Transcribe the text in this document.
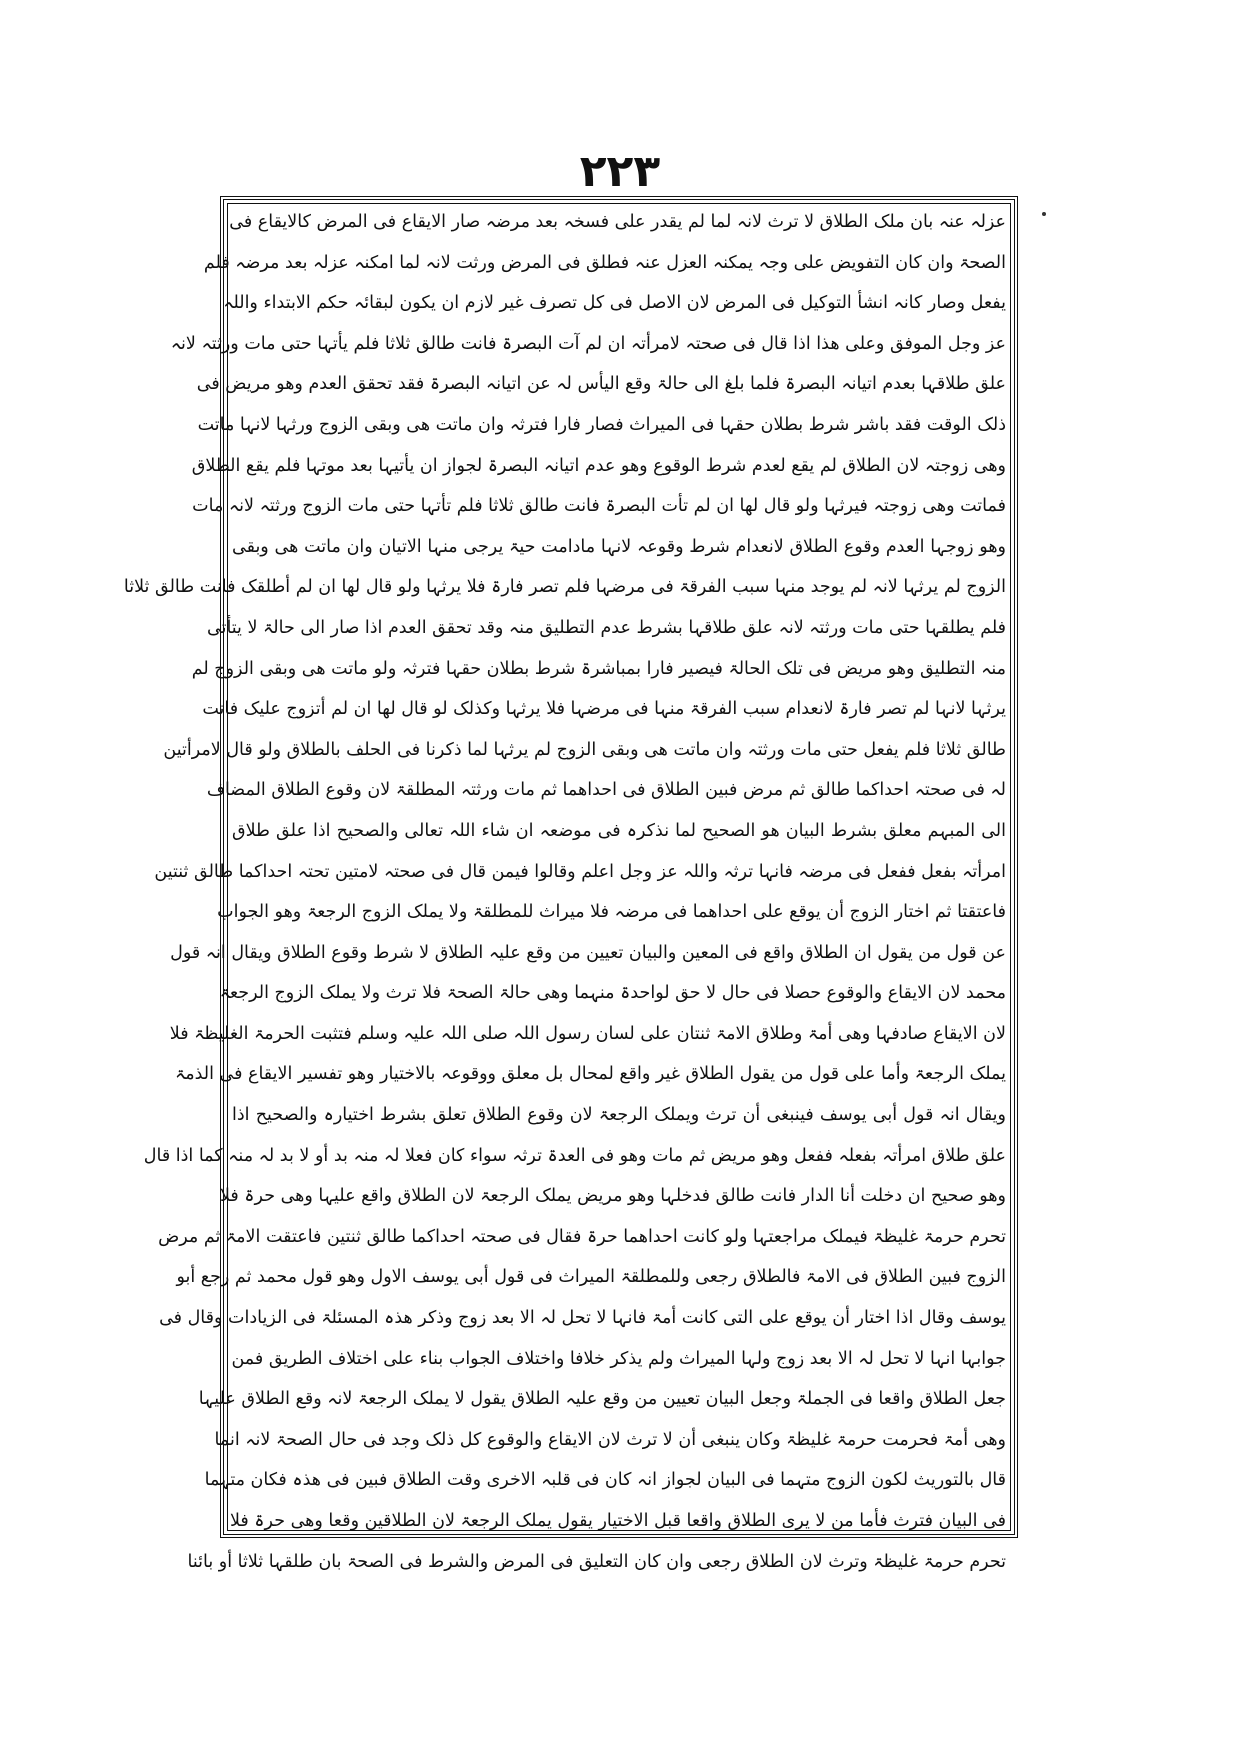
۲۲۳
عزلہ عنہ بان ملک الطلاق لا ترث لانہ لما لم یقدر علی فسخہ بعد مرضہ صار الایقاع فی المرض کالایقاع فی
الصحۃ وان کان التفویض علی وجہ یمکنہ العزل عنہ فطلق فی المرض ورثت لانہ لما امکنہ عزلہ بعد مرضہ فلم
یفعل وصار کانہ انشأ التوکیل فی المرض لان الاصل فی کل تصرف غیر لازم ان یکون لبقائہ حکم الابتداء واللہ
عز وجل الموفق وعلی ھذا اذا قال فی صحتہ لامرأتہ ان لم آت البصرۃ فانت طالق ثلاثا فلم یأتہا حتی مات ورثتہ لانہ
علق طلاقہا بعدم اتیانہ البصرۃ فلما بلغ الی حالۃ وقع الیأس لہ عن اتیانہ البصرۃ فقد تحقق العدم وھو مریض فی
ذلک الوقت فقد باشر شرط بطلان حقہا فی المیراث فصار فارا فترثہ وان ماتت ھی وبقی الزوج ورثہا لانہا ماتت
وھی زوجتہ لان الطلاق لم یقع لعدم شرط الوقوع وھو عدم اتیانہ البصرۃ لجواز ان یأتیہا بعد موتہا فلم یقع الطلاق
فماتت وھی زوجتہ فیرثہا ولو قال لھا ان لم تأت البصرۃ فانت طالق ثلاثا فلم تأتہا حتی مات الزوج ورثتہ لانہ مات
وھو زوجہا العدم وقوع الطلاق لانعدام شرط وقوعہ لانہا مادامت حیۃ یرجی منہا الاتیان وان ماتت ھی وبقی
الزوج لم یرثہا لانہ لم یوجد منہا سبب الفرقۃ فی مرضہا فلم تصر فارۃ فلا یرثہا ولو قال لھا ان لم أطلقک فانت طالق ثلاثا
فلم یطلقہا حتی مات ورثتہ لانہ علق طلاقہا بشرط عدم التطلیق منہ وقد تحقق العدم اذا صار الی حالۃ لا یتأتی
منہ التطلیق وھو مریض فی تلک الحالۃ فیصیر فارا بمباشرۃ شرط بطلان حقہا فترثہ ولو ماتت ھی وبقی الزوج لم
یرثہا لانہا لم تصر فارۃ لانعدام سبب الفرقۃ منہا فی مرضہا فلا یرثہا وکذلک لو قال لھا ان لم أتزوج علیک فانت
طالق ثلاثا فلم یفعل حتی مات ورثتہ وان ماتت ھی وبقی الزوج لم یرثہا لما ذکرنا فی الحلف بالطلاق ولو قال لامرأتین
لہ فی صحتہ احداکما طالق ثم مرض فبین الطلاق فی احداھما ثم مات ورثتہ المطلقۃ لان وقوع الطلاق المضاف
الی المبہم معلق بشرط البیان ھو الصحیح لما نذکرہ فی موضعہ ان شاء اللہ تعالی والصحیح اذا علق طلاق
امرأتہ بفعل ففعل فی مرضہ فانہا ترثہ واللہ عز وجل اعلم وقالوا فیمن قال فی صحتہ لامتین تحتہ احداکما طالق ثنتین
فاعتقتا ثم اختار الزوج أن یوقع علی احداھما فی مرضہ فلا میراث للمطلقۃ ولا یملک الزوج الرجعۃ وھو الجواب
عن قول من یقول ان الطلاق واقع فی المعین والبیان تعیین من وقع علیہ الطلاق لا شرط وقوع الطلاق ویقال انہ قول
محمد لان الایقاع والوقوع حصلا فی حال لا حق لواحدۃ منہما وھی حالۃ الصحۃ فلا ترث ولا یملک الزوج الرجعۃ
لان الایقاع صادفہا وھی أمۃ وطلاق الامۃ ثنتان علی لسان رسول اللہ صلی اللہ علیہ وسلم فتثبت الحرمۃ الغلیظۃ فلا
یملک الرجعۃ وأما علی قول من یقول الطلاق غیر واقع لمحال بل معلق ووقوعہ بالاختیار وھو تفسیر الایقاع فی الذمۃ
ویقال انہ قول أبی یوسف فینبغی أن ترث ویملک الرجعۃ لان وقوع الطلاق تعلق بشرط اختیارہ والصحیح اذا
علق طلاق امرأتہ بفعلہ ففعل وھو مریض ثم مات وھو فی العدۃ ترثہ سواء کان فعلا لہ منہ بد أو لا بد لہ منہ کما اذا قال
وھو صحیح ان دخلت أنا الدار فانت طالق فدخلہا وھو مریض یملک الرجعۃ لان الطلاق واقع علیہا وھی حرۃ فلا
تحرم حرمۃ غلیظۃ فیملک مراجعتہا ولو کانت احداھما حرۃ فقال فی صحتہ احداکما طالق ثنتین فاعتقت الامۃ ثم مرض
الزوج فبین الطلاق فی الامۃ فالطلاق رجعی وللمطلقۃ المیراث فی قول أبی یوسف الاول وھو قول محمد ثم رجع أبو
یوسف وقال اذا اختار أن یوقع علی التی کانت أمۃ فانہا لا تحل لہ الا بعد زوج وذکر ھذہ المسئلۃ فی الزیادات وقال فی
جوابہا انہا لا تحل لہ الا بعد زوج ولہا المیراث ولم یذکر خلافا واختلاف الجواب بناء علی اختلاف الطریق فمن
جعل الطلاق واقعا فی الجملۃ وجعل البیان تعیین من وقع علیہ الطلاق یقول لا یملک الرجعۃ لانہ وقع الطلاق علیہا
وھی أمۃ فحرمت حرمۃ غلیظۃ وکان ینبغی أن لا ترث لان الایقاع والوقوع کل ذلک وجد فی حال الصحۃ لانہ انما
قال بالتوریث لکون الزوج متہما فی البیان لجواز انہ کان فی قلبہ الاخری وقت الطلاق فبین فی ھذہ فکان متہما
فی البیان فترث فأما من لا یری الطلاق واقعا قبل الاختیار یقول یملک الرجعۃ لان الطلاقین وقعا وھی حرۃ فلا
تحرم حرمۃ غلیظۃ وترث لان الطلاق رجعی وان کان التعلیق فی المرض والشرط فی الصحۃ بان طلقہا ثلاثا أو بائنا
